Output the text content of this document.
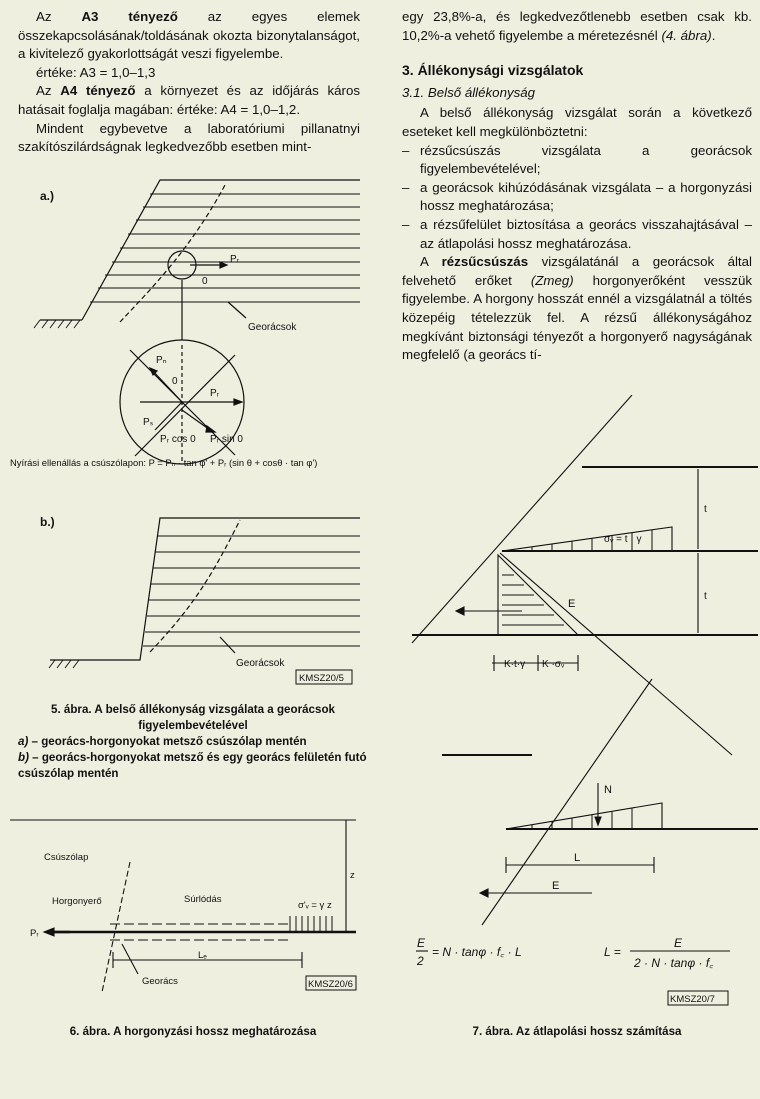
Az A3 tényező az egyes elemek összekapcsolásának/toldásának okozta bizonytalanságot, a kivitelező gyakorlottságát veszi figyelembe.

értéke: A3 = 1,0–1,3

Az A4 tényező a környezet és az időjárás káros hatásait foglalja magában: értéke: A4 = 1,0–1,2.

Mindent egybevetve a laboratóriumi pillanatnyi szakítószilárdságnak legkedvezőbb esetben mint-

a.)
Pᵣ
0
Georácsok
Pₙ
0
Pᵣ
Pₛ
Pᵣ cos 0 Pᵣ sin 0
Nyírási ellenállás a csúszólapon: P = Pₙ · tan φ' + Pᵣ (sin θ + cosθ · tan φ')
b.)
Georácsok
KMSZ20/5
5. ábra. A belső állékonyság vizsgálata a georácsok figyelembevételével
a) – georács-horgonyokat metsző csúszólap mentén
b) – georács-horgonyokat metsző és egy georács felületén futó csúszólap mentén
Csúszólap
Horgonyerő	Súrlódás
σ'ᵥ = γ z
z
Pᵣ
Lₑ
Georács	KMSZ20/6
6. ábra. A horgonyzási hossz meghatározása

egy 23,8%-a, és legkedvezőtlenebb esetben csak kb. 10,2%-a vehető figyelembe a méretezésnél (4. ábra).

3. Állékonysági vizsgálatok
3.1. Belső állékonyság

A belső állékonyság vizsgálat során a következő eseteket kell megkülönböztetni:

– rézsűcsúszás vizsgálata a georácsok figyelembevételével;
– a georácsok kihúzódásának vizsgálata – a horgonyzási hossz meghatározása;
– a rézsűfelület biztosítása a georács visszahajtásával – az átlapolási hossz meghatározása.

A rézsűcsúszás vizsgálatánál a georácsok által felvehető erőket (Zmeg) horgonyerőként vesszük figyelembe. A horgony hosszát ennél a vizsgálatnál a töltés közepéig tételezzük fel. A rézsű állékonyságához megkívánt biztonsági tényezőt a horgonyerő nagyságának megfelelő (a georács tí-

t
t
σᵥ = t · γ
E
K·t·γ K ·σᵥ
N
L
E
E
2
= N · tanφ · f꜀ · L	L =
E
2 · N · tanφ · f꜀
KMSZ20/7
7. ábra. Az átlapolási hossz számítása
